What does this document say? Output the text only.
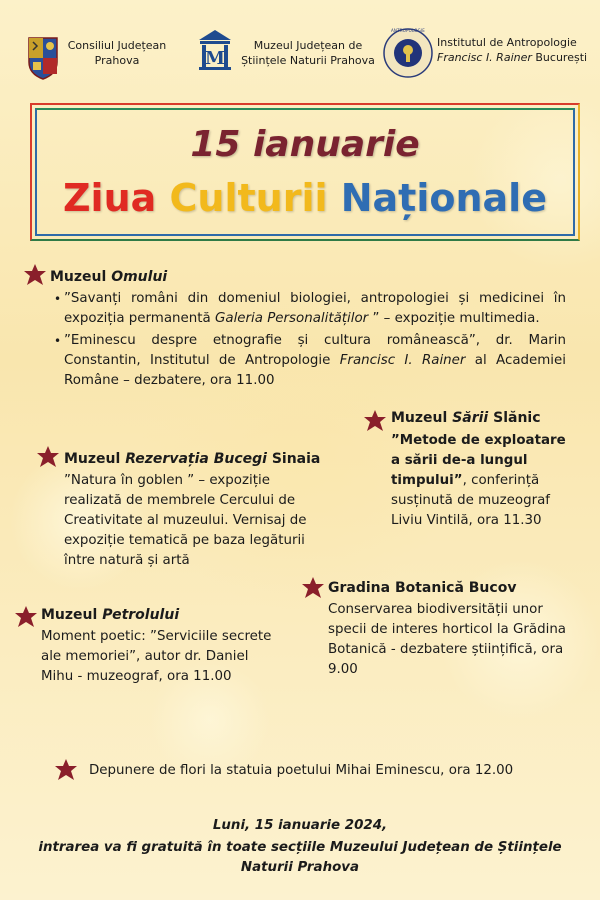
Consiliul Județean
Prahova	M
Muzeul Județean de
Științele Naturii Prahova
ANTROPOLOGIE
Institutul de Antropologie
Francisc I. Rainer București
15 ianuarie
Ziua Culturii Naționale
Muzeul Omului
• ”Savanți români din domeniul biologiei, antropologiei și medicinei în expoziția permanentă Galeria Personalităților ” – expoziție multimedia.
• ”Eminescu despre etnografie și cultura românească”, dr. Marin Constantin, Institutul de Antropologie Francisc I. Rainer al Academiei Române – dezbatere, ora 11.00
Muzeul Sării Slănic
”Metode de exploatare a sării de-a lungul timpului”, conferință susținută de muzeograf Liviu Vintilă, ora 11.30
Muzeul Rezervația Bucegi Sinaia
”Natura în goblen ” – expoziție realizată de membrele Cercului de Creativitate al muzeului. Vernisaj de expoziție tematică pe baza legăturii între natură și artă
Gradina Botanică Bucov
Conservarea biodiversității unor specii de interes horticol la Grădina Botanică - dezbatere științifică, ora 9.00
Muzeul Petrolului
Moment poetic: ”Serviciile secrete ale memoriei”, autor dr. Daniel Mihu - muzeograf, ora 11.00
Depunere de flori la statuia poetului Mihai Eminescu, ora 12.00
Luni, 15 ianuarie 2024,
intrarea va fi gratuită în toate secțiile Muzeului Județean de Științele Naturii Prahova
